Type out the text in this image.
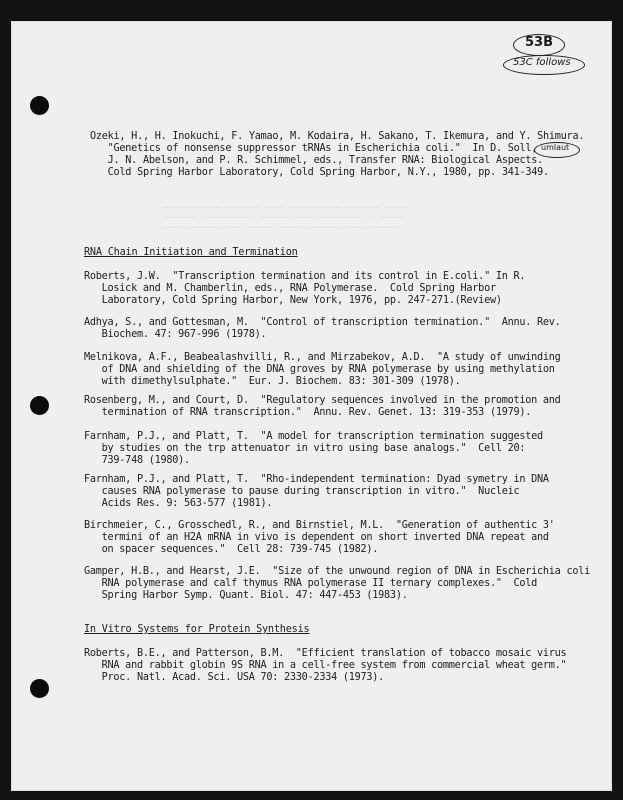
53B
53C follows
umlaut
──────────── ─────── ──── ─────────── ─────── ─────
─────── ─────────── ────── ──── ───────── ── ─────
──── ─────── ─── ────── ───── ─────── ──── ──────
Ozeki, H., H. Inokuchi, F. Yamao, M. Kodaira, H. Sakano, T. Ikemura, and Y. Shimura.
"Genetics of nonsense suppressor tRNAs in Escherichia coli."  In D. Soll,
J. N. Abelson, and P. R. Schimmel, eds., Transfer RNA: Biological Aspects.
Cold Spring Harbor Laboratory, Cold Spring Harbor, N.Y., 1980, pp. 341-349.
RNA Chain Initiation and Termination
Roberts, J.W.  "Transcription termination and its control in E.coli." In R.
Losick and M. Chamberlin, eds., RNA Polymerase.  Cold Spring Harbor
Laboratory, Cold Spring Harbor, New York, 1976, pp. 247-271.(Review)
Adhya, S., and Gottesman, M.  "Control of transcription termination."  Annu. Rev.
Biochem. 47: 967-996 (1978).
Melnikova, A.F., Beabealashvilli, R., and Mirzabekov, A.D.  "A study of unwinding
of DNA and shielding of the DNA groves by RNA polymerase by using methylation
with dimethylsulphate."  Eur. J. Biochem. 83: 301-309 (1978).
Rosenberg, M., and Court, D.  "Regulatory sequences involved in the promotion and
termination of RNA transcription."  Annu. Rev. Genet. 13: 319-353 (1979).
Farnham, P.J., and Platt, T.  "A model for transcription termination suggested
by studies on the trp attenuator in vitro using base analogs."  Cell 20:
739-748 (1980).
Farnham, P.J., and Platt, T.  "Rho-independent termination: Dyad symetry in DNA
causes RNA polymerase to pause during transcription in vitro."  Nucleic
Acids Res. 9: 563-577 (1981).
Birchmeier, C., Grosschedl, R., and Birnstiel, M.L.  "Generation of authentic 3'
termini of an H2A mRNA in vivo is dependent on short inverted DNA repeat and
on spacer sequences."  Cell 28: 739-745 (1982).
Gamper, H.B., and Hearst, J.E.  "Size of the unwound region of DNA in Escherichia coli
RNA polymerase and calf thymus RNA polymerase II ternary complexes."  Cold
Spring Harbor Symp. Quant. Biol. 47: 447-453 (1983).
In Vitro Systems for Protein Synthesis
Roberts, B.E., and Patterson, B.M.  "Efficient translation of tobacco mosaic virus
RNA and rabbit globin 9S RNA in a cell-free system from commercial wheat germ."
Proc. Natl. Acad. Sci. USA 70: 2330-2334 (1973).
